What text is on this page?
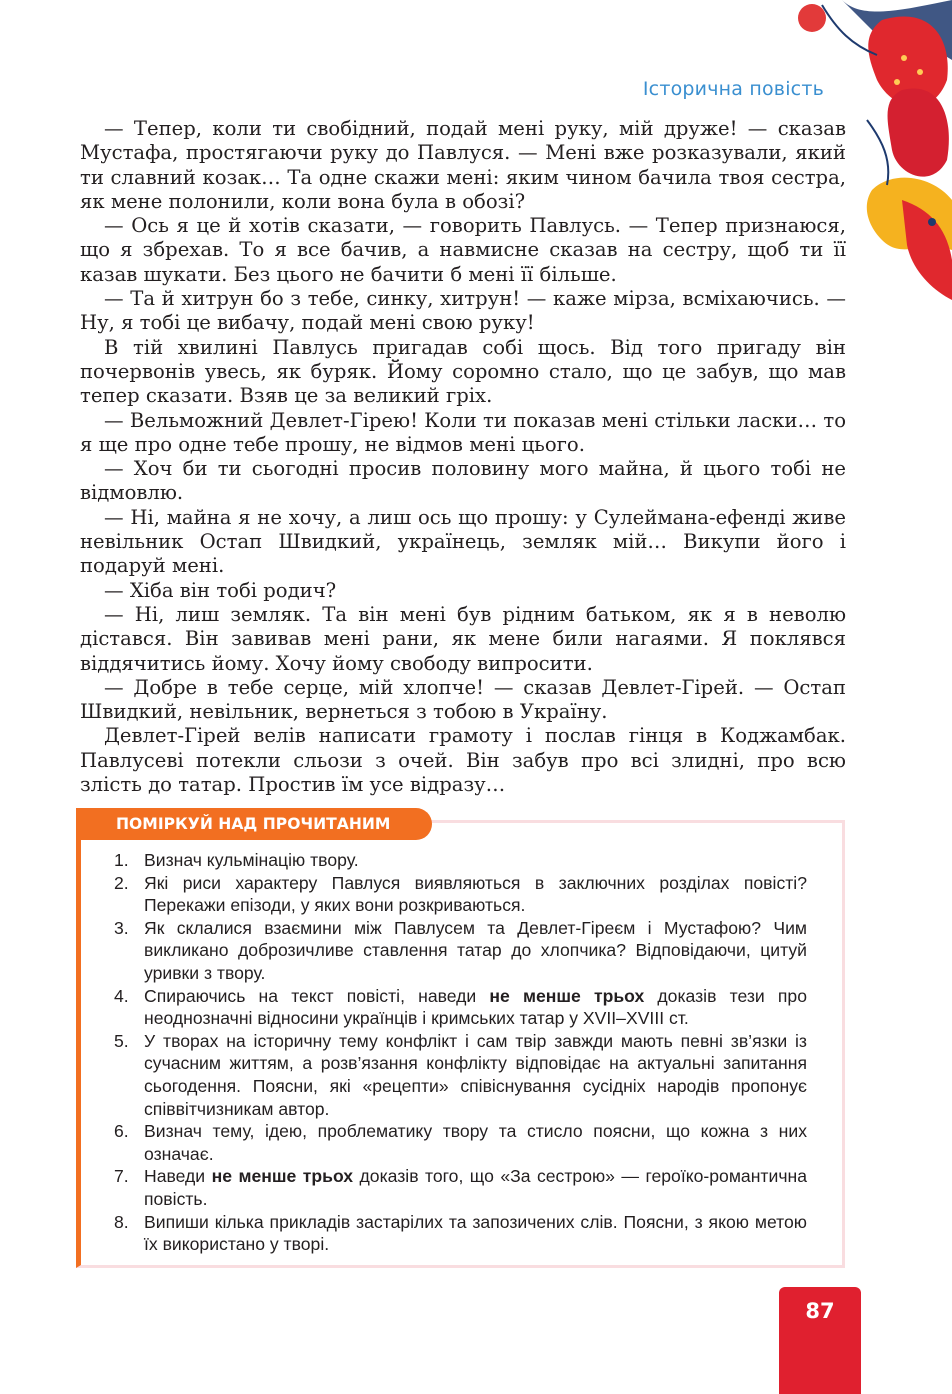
Історична повість

— Тепер, коли ти свобідний, подай мені руку, мій друже! — сказав Мустафа, простягаючи руку до Павлуся. — Мені вже розказували, який ти славний козак… Та одне скажи мені: яким чином бачила твоя сестра, як мене полонили, коли вона була в обозі?

— Ось я це й хотів сказати, — говорить Павлусь. — Тепер признаюся, що я збрехав. То я все бачив, а навмисне сказав на сестру, щоб ти її казав шукати. Без цього не бачити б мені її більше.

— Та й хитрун бо з тебе, синку, хитрун! — каже мірза, всміхаючись. — Ну, я тобі це вибачу, подай мені свою руку!

В тій хвилині Павлусь пригадав собі щось. Від того пригаду він почервонів увесь, як буряк. Йому соромно стало, що це забув, що мав тепер сказати. Взяв це за великий гріх.

— Вельможний Девлет-Гірею! Коли ти показав мені стільки ласки… то я ще про одне тебе прошу, не відмов мені цього.

— Хоч би ти сьогодні просив половину мого майна, й цього тобі не відмовлю.

— Ні, майна я не хочу, а лиш ось що прошу: у Сулеймана-ефенді живе невільник Остап Швидкий, українець, земляк мій… Викупи його і подаруй мені.

— Хіба він тобі родич?

— Ні, лиш земляк. Та він мені був рідним батьком, як я в неволю дістався. Він завивав мені рани, як мене били нагаями. Я поклявся віддячитись йому. Хочу йому свободу випросити.

— Добре в тебе серце, мій хлопче! — сказав Девлет-Гірей. — Остап Швидкий, невільник, вернеться з тобою в Україну.

Девлет-Гірей велів написати грамоту і послав гінця в Коджамбак. Павлусеві потекли сльози з очей. Він забув про всі злидні, про всю злість до татар. Простив їм усе відразу…

ПОМІРКУЙ НАД ПРОЧИТАНИМ
1. Визнач кульмінацію твору.
2. Які риси характеру Павлуся виявляються в заключних розділах повісті? Перекажи епізоди, у яких вони розкриваються.
3. Як склалися взаємини між Павлусем та Девлет-Гіреєм і Мустафою? Чим викликано доброзичливе ставлення татар до хлопчика? Відповідаючи, цитуй уривки з твору.
4. Спираючись на текст повісті, наведи не менше трьох доказів тези про неоднозначні відносини українців і кримських татар у XVII–XVIII ст.
5. У творах на історичну тему конфлікт і сам твір завжди мають певні зв’язки із сучасним життям, а розв’язання конфлікту відповідає на актуальні запитання сьогодення. Поясни, які «рецепти» співіснування сусідніх народів пропонує співвітчизникам автор.
6. Визнач тему, ідею, проблематику твору та стисло поясни, що кожна з них означає.
7. Наведи не менше трьох доказів того, що «За сестрою» — героїко-романтична повість.
8. Випиши кілька прикладів застарілих та запозичених слів. Поясни, з якою метою їх використано у творі.
87
